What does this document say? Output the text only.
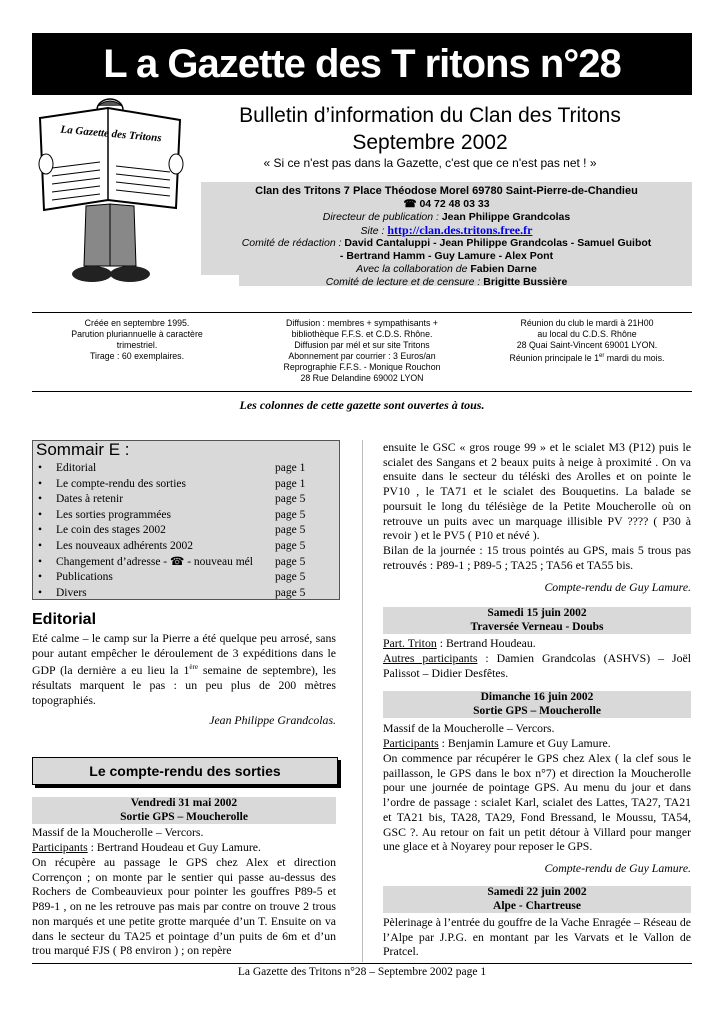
L a Gazette des T ritons n°28
La Gazette des Tritons
Bulletin d’information du Clan des Tritons
Septembre 2002
« Si ce n'est pas dans la Gazette, c'est que ce n'est pas net ! »
Clan des Tritons 7 Place Théodose Morel 69780 Saint-Pierre-de-Chandieu
☎ 04 72 48 03 33
Directeur de publication : Jean Philippe Grandcolas
Site : http://clan.des.tritons.free.fr
Comité de rédaction : David Cantaluppi - Jean Philippe Grandcolas - Samuel Guibot
- Bertrand Hamm - Guy Lamure - Alex Pont
Avec la collaboration de Fabien Darne
Comité de lecture et de censure : Brigitte Bussière
Créée en septembre 1995.
Parution pluriannuelle à caractère
trimestriel.
Tirage : 60 exemplaires.
Diffusion : membres + sympathisants +
bibliothèque F.F.S. et C.D.S. Rhône.
Diffusion par mél et sur site Tritons
Abonnement par courrier : 3 Euros/an
Reprographie F.F.S. - Monique Rouchon
28 Rue Delandine 69002 LYON
Réunion du club le mardi à 21H00
au local du C.D.S. Rhône
28 Quai Saint-Vincent 69001 LYON.
Réunion principale le 1er mardi du mois.
Les colonnes de cette gazette sont ouvertes à tous.
Sommair E :
• Editorial	page 1
• Le compte-rendu des sorties	page 1
• Dates à retenir	page 5
• Les sorties programmées	page 5
• Le coin des stages 2002	page 5
• Les nouveaux adhérents 2002	page 5
• Changement d’adresse - ☎ - nouveau mél page 5
• Publications	page 5
• Divers	page 5
Editorial
Eté calme – le camp sur la Pierre a été quelque peu arrosé, sans pour autant empêcher le déroulement de 3 expéditions dans le GDP (la dernière a eu lieu la 1ère semaine de septembre), les résultats marquent le pas : un peu plus de 200 mètres topographiés.
Jean Philippe Grandcolas.
Le compte-rendu des sorties
Vendredi 31 mai 2002
Sortie GPS – Moucherolle
Massif de la Moucherolle – Vercors.
Participants : Bertrand Houdeau et Guy Lamure.
On récupère au passage le GPS chez Alex et direction Corrençon ; on monte par le sentier qui passe au-dessus des Rochers de Combeauvieux pour pointer les gouffres P89-5 et P89-1 , on ne les retrouve pas mais par contre on trouve 2 trous non marqués et une petite grotte marquée d’un T. Ensuite on va dans le secteur du TA25 et pointage d’un puits de 6m et d’un trou marqué FJS ( P8 environ ) ; on repère
ensuite le GSC « gros rouge 99 » et le scialet M3 (P12) puis le scialet des Sangans et 2 beaux puits à neige à proximité . On va ensuite dans le secteur du téléski des Arolles et on pointe le PV10 , le TA71 et le scialet des Bouquetins. La balade se poursuit le long du télésiège de la Petite Moucherolle où on retrouve un puits avec un marquage illisible PV ???? ( P30 à revoir ) et le PV5 ( P10 et névé ).
Bilan de la journée : 15 trous pointés au GPS, mais 5 trous pas retrouvés : P89-1 ; P89-5 ; TA25 ; TA56 et TA55 bis.
Compte-rendu de Guy Lamure.
Samedi 15 juin 2002
Traversée Verneau - Doubs
Part. Triton : Bertrand Houdeau.
Autres participants : Damien Grandcolas (ASHVS) – Joël Palissot – Didier Desfêtes.
Dimanche 16 juin 2002
Sortie GPS – Moucherolle
Massif de la Moucherolle – Vercors.
Participants : Benjamin Lamure et Guy Lamure.
On commence par récupérer le GPS chez Alex ( la clef sous le paillasson, le GPS dans le box n°7) et direction la Moucherolle pour une journée de pointage GPS. Au menu du jour et dans l’ordre de passage : scialet Karl, scialet des Lattes, TA27, TA21 et TA21 bis, TA28, TA29, Fond Bressand, le Moussu, TA54, GSC ?. Au retour on fait un petit détour à Villard pour manger une glace et à Noyarey pour reposer le GPS.
Compte-rendu de Guy Lamure.
Samedi 22 juin 2002
Alpe - Chartreuse
Pèlerinage à l’entrée du gouffre de la Vache Enragée – Réseau de l’Alpe par J.P.G. en montant par les Varvats et le Vallon de Pratcel.
La Gazette des Tritons n°28 – Septembre 2002 page 1
